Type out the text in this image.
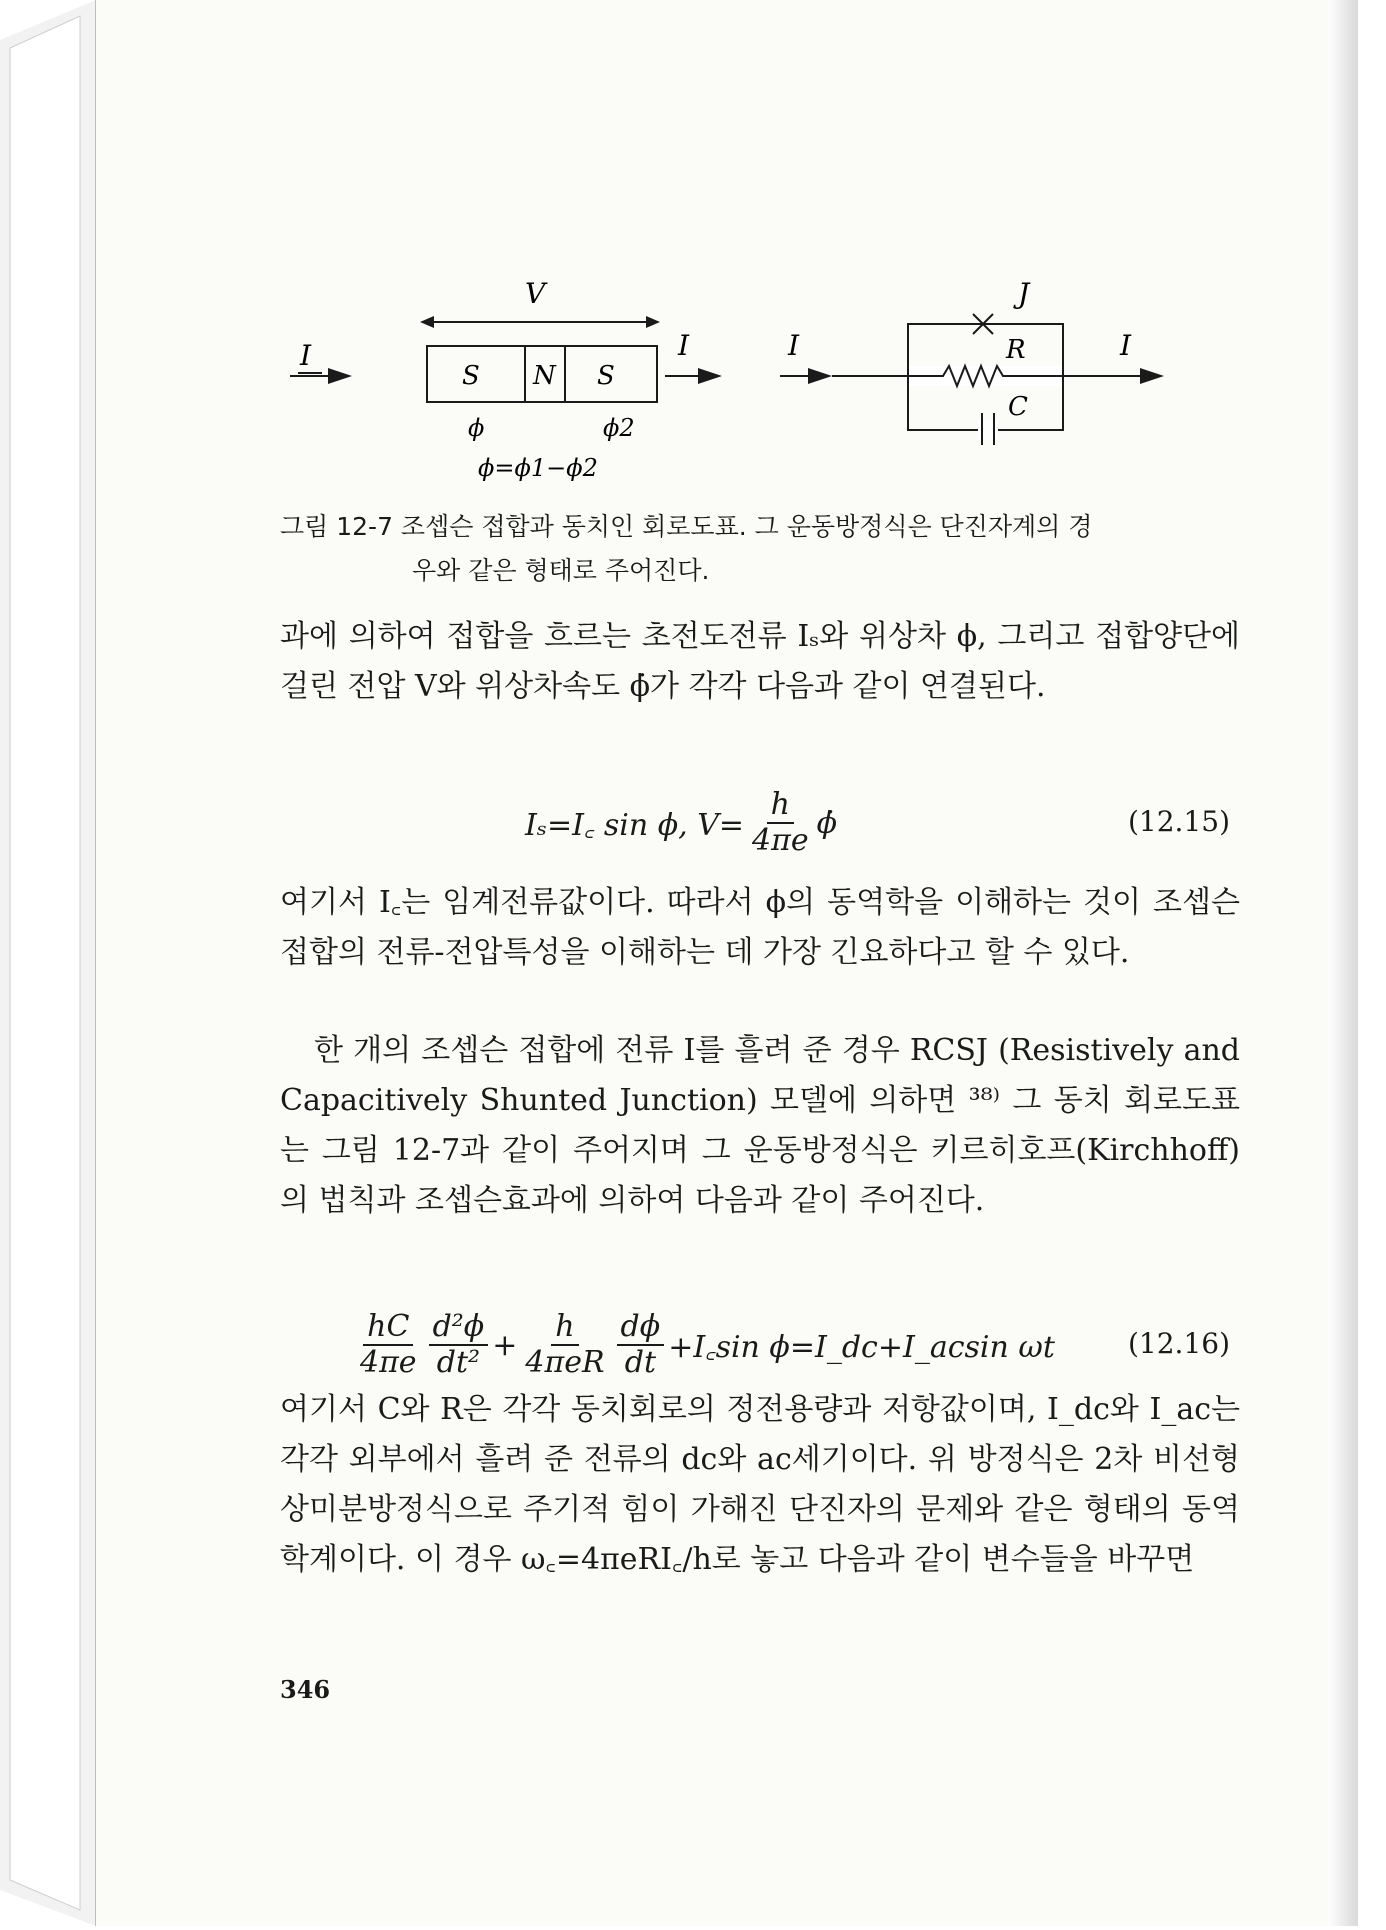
V
I
S N S
I
ϕ	ϕ2
ϕ=ϕ1−ϕ2
I
J
R
C
I
그림 12-7 조셉슨 접합과 동치인 회로도표. 그 운동방정식은 단진자계의 경
우와 같은 형태로 주어진다.
과에 의하여 접합을 흐르는 초전도전류 Iₛ와 위상차 ϕ, 그리고 접합양단에 걸린 전압 V와 위상차속도 ϕ̇가 각각 다음과 같이 연결된다.
Iₛ=I꜀ sin ϕ, $V= \frac{h}{4\pi e}$ ϕ̇	(12.15)
여기서 I꜀는 임계전류값이다. 따라서 ϕ의 동역학을 이해하는 것이 조셉슨 접합의 전류-전압특성을 이해하는 데 가장 긴요하다고 할 수 있다.
한 개의 조셉슨 접합에 전류 I를 흘려 준 경우 RCSJ (Resistively and Capacitively Shunted Junction) 모델에 의하면 ³⁸⁾ 그 동치 회로도표는 그림 12-7과 같이 주어지며 그 운동방정식은 키르히호프(Kirchhoff)의 법칙과 조셉슨효과에 의하여 다음과 같이 주어진다.
$\frac{hC}{4\pi e} \frac{\text{d²ϕ}}{\text{dt²}} + \frac{h}{\text{4πeR}} \frac{d\phi}{dt}$ +I꜀sin ϕ=I_dc+I_acsin ωt	(12.16)
여기서 C와 R은 각각 동치회로의 정전용량과 저항값이며, I_dc와 I_ac는 각각 외부에서 흘려 준 전류의 dc와 ac세기이다. 위 방정식은 2차 비선형 상미분방정식으로 주기적 힘이 가해진 단진자의 문제와 같은 형태의 동역학계이다. 이 경우 ω꜀=4πeRI꜀/h로 놓고 다음과 같이 변수들을 바꾸면
346
